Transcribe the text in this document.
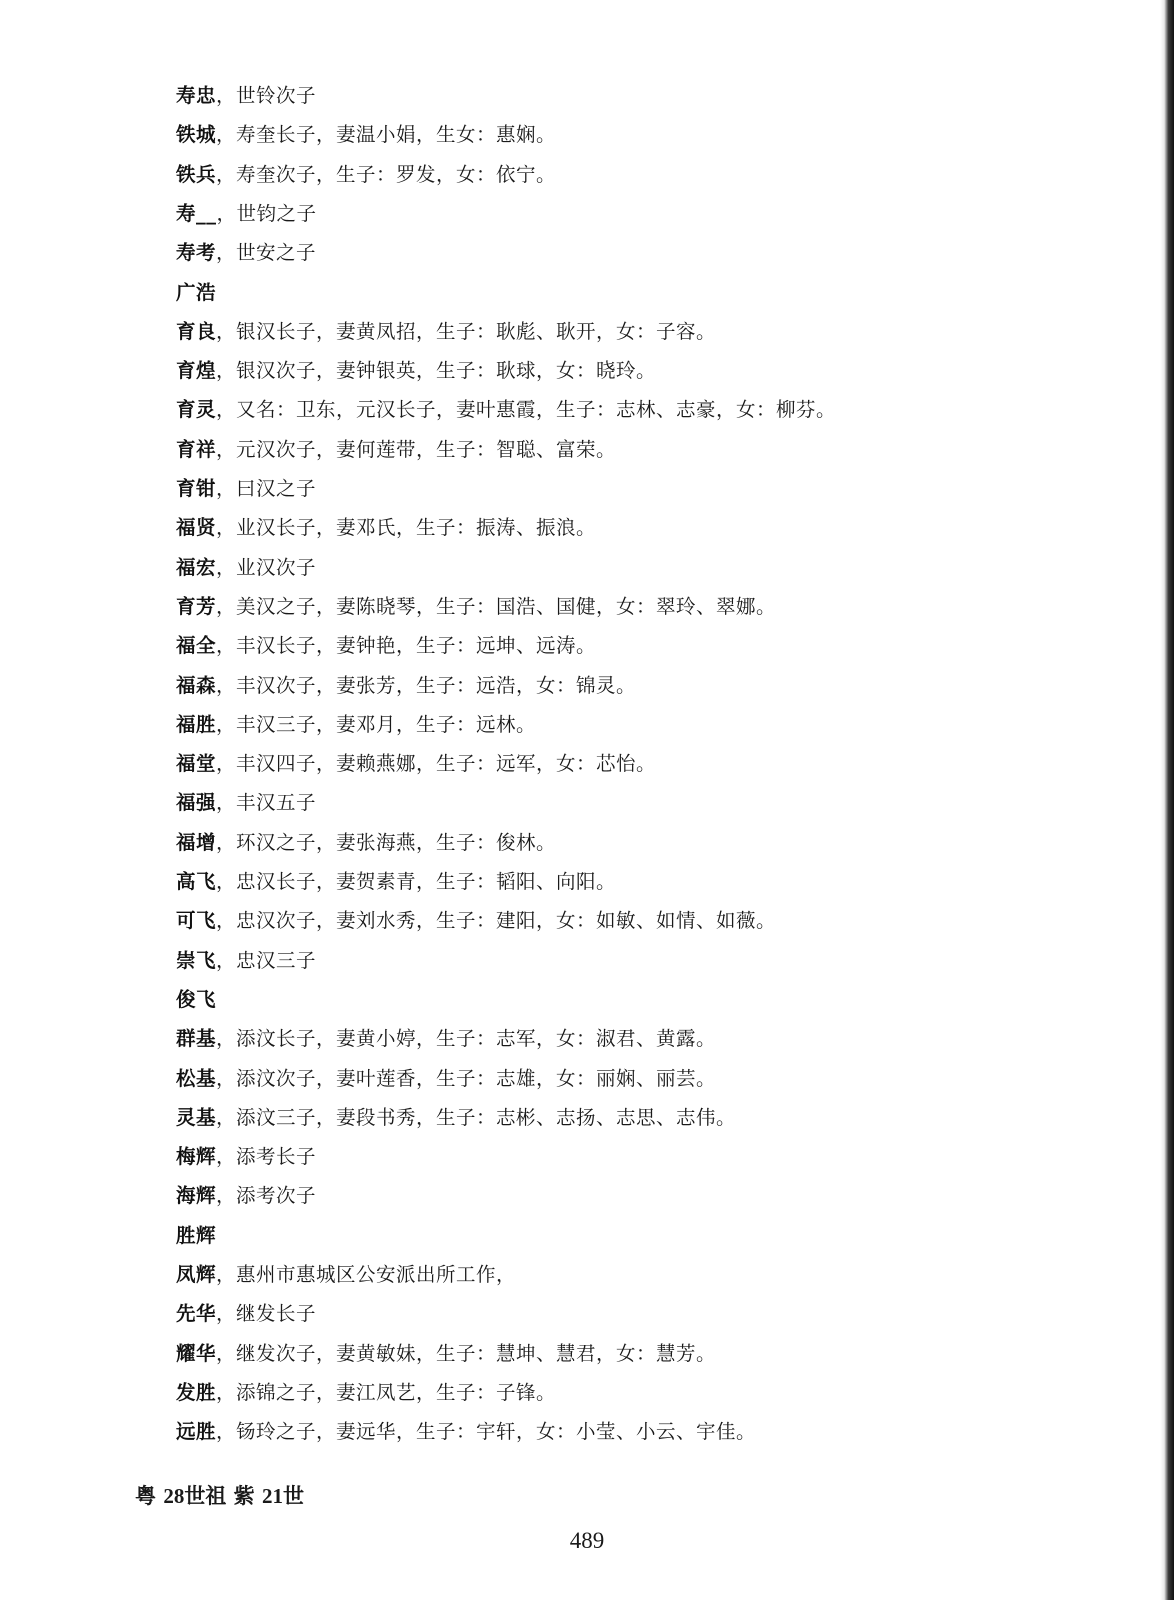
寿忠，世铃次子
铁城，寿奎长子，妻温小娟，生女：惠娴。
铁兵，寿奎次子，生子：罗发，女：依宁。
寿__，世钧之子
寿考，世安之子
广浩
育良，银汉长子，妻黄凤招，生子：耿彪、耿开，女：子容。
育煌，银汉次子，妻钟银英，生子：耿球，女：晓玲。
育灵，又名：卫东，元汉长子，妻叶惠霞，生子：志林、志豪，女：柳芬。
育祥，元汉次子，妻何莲带，生子：智聪、富荣。
育钳，曰汉之子
福贤，业汉长子，妻邓氏，生子：振涛、振浪。
福宏，业汉次子
育芳，美汉之子，妻陈晓琴，生子：国浩、国健，女：翠玲、翠娜。
福全，丰汉长子，妻钟艳，生子：远坤、远涛。
福森，丰汉次子，妻张芳，生子：远浩，女：锦灵。
福胜，丰汉三子，妻邓月，生子：远林。
福堂，丰汉四子，妻赖燕娜，生子：远军，女：芯怡。
福强，丰汉五子
福增，环汉之子，妻张海燕，生子：俊林。
高飞，忠汉长子，妻贺素青，生子：韬阳、向阳。
可飞，忠汉次子，妻刘水秀，生子：建阳，女：如敏、如情、如薇。
崇飞，忠汉三子
俊飞
群基，添汶长子，妻黄小婷，生子：志军，女：淑君、黄露。
松基，添汶次子，妻叶莲香，生子：志雄，女：丽娴、丽芸。
灵基，添汶三子，妻段书秀，生子：志彬、志扬、志思、志伟。
梅辉，添考长子
海辉，添考次子
胜辉
凤辉，惠州市惠城区公安派出所工作，
先华，继发长子
耀华，继发次子，妻黄敏妹，生子：慧坤、慧君，女：慧芳。
发胜，添锦之子，妻江凤艺，生子：子锋。
远胜，钖玲之子，妻远华，生子：宇轩，女：小莹、小云、宇佳。
粤 28世祖 紫 21世
489
